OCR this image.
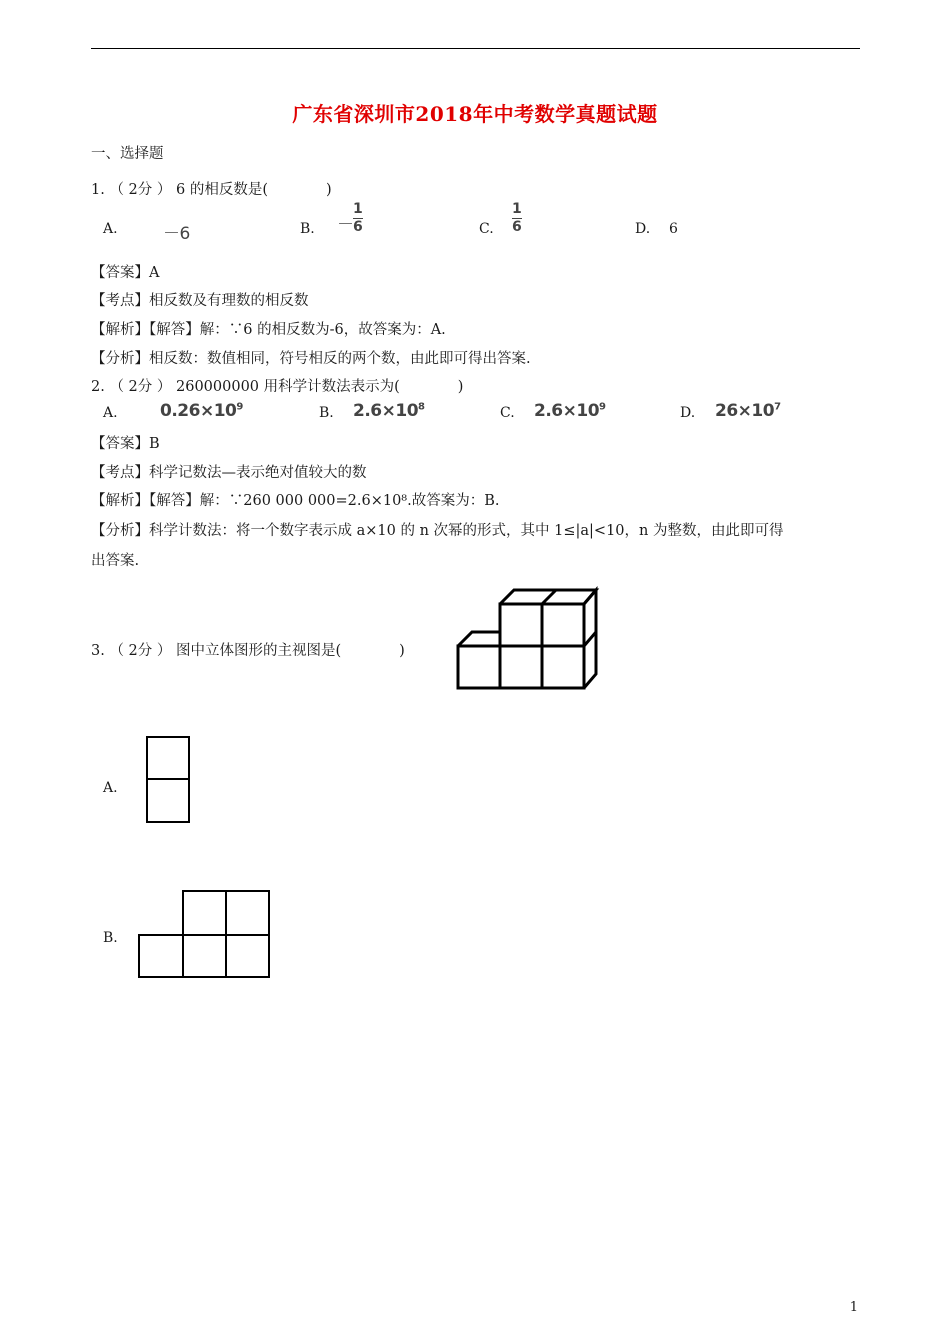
广东省深圳市2018年中考数学真题试题
一、选择题
1. （ 2分 ） 6 的相反数是(　　　　)
A.	－6	B. －
1
6	C.
1
6	D. 6
【答案】A
【考点】相反数及有理数的相反数
【解析】【解答】解：∵6 的相反数为-6，故答案为：A.
【分析】相反数：数值相同，符号相反的两个数，由此即可得出答案.
2. （ 2分 ） 260000000 用科学计数法表示为(　　　　)
A. $0.26\times 10^9$	B. $2.6\times 10^8$	C. $2.6\times 10^9$	D. $26\times 10^7$
【答案】B
【考点】科学记数法—表示绝对值较大的数
【解析】【解答】解：∵260 000 000=2.6×10⁸.故答案为：B.
【分析】科学计数法：将一个数字表示成 a×10 的 n 次幂的形式，其中 1≤|a|<10，n 为整数，由此即可得
出答案.
3. （ 2分 ） 图中立体图形的主视图是(　　　　)
A.
B.
1
